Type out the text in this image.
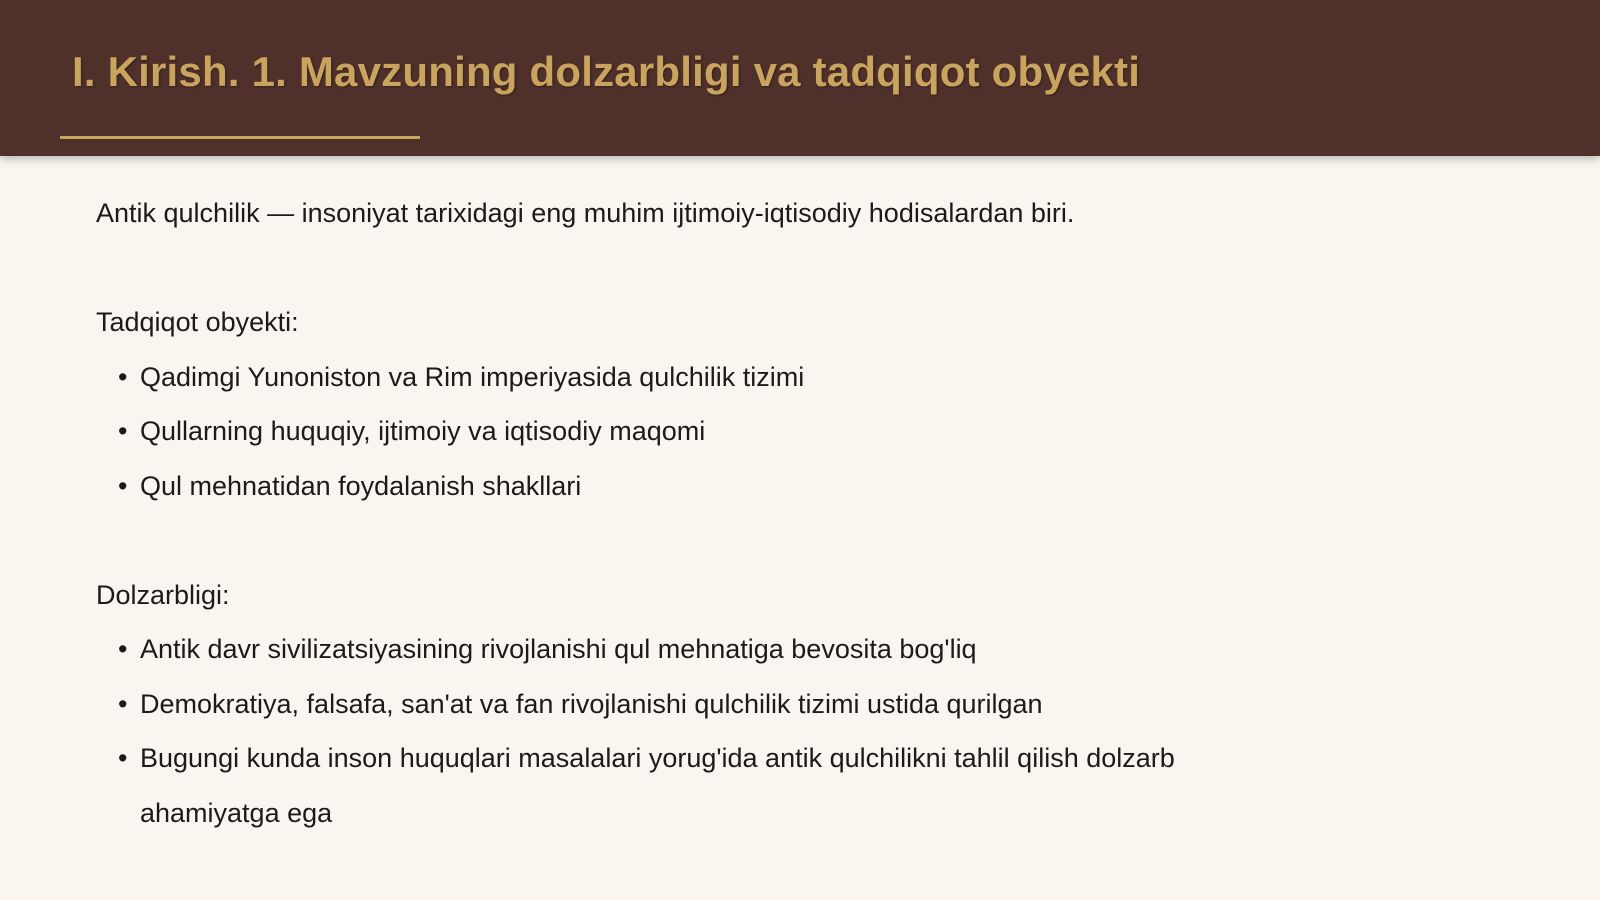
I. Kirish. 1. Mavzuning dolzarbligi va tadqiqot obyekti

Antik qulchilik — insoniyat tarixidagi eng muhim ijtimoiy-iqtisodiy hodisalardan biri.

Tadqiqot obyekti:

• Qadimgi Yunoniston va Rim imperiyasida qulchilik tizimi
• Qullarning huquqiy, ijtimoiy va iqtisodiy maqomi
• Qul mehnatidan foydalanish shakllari

Dolzarbligi:

• Antik davr sivilizatsiyasining rivojlanishi qul mehnatiga bevosita bog'liq
• Demokratiya, falsafa, san'at va fan rivojlanishi qulchilik tizimi ustida qurilgan
• Bugungi kunda inson huquqlari masalalari yorug'ida antik qulchilikni tahlil qilish dolzarb ahamiyatga ega
